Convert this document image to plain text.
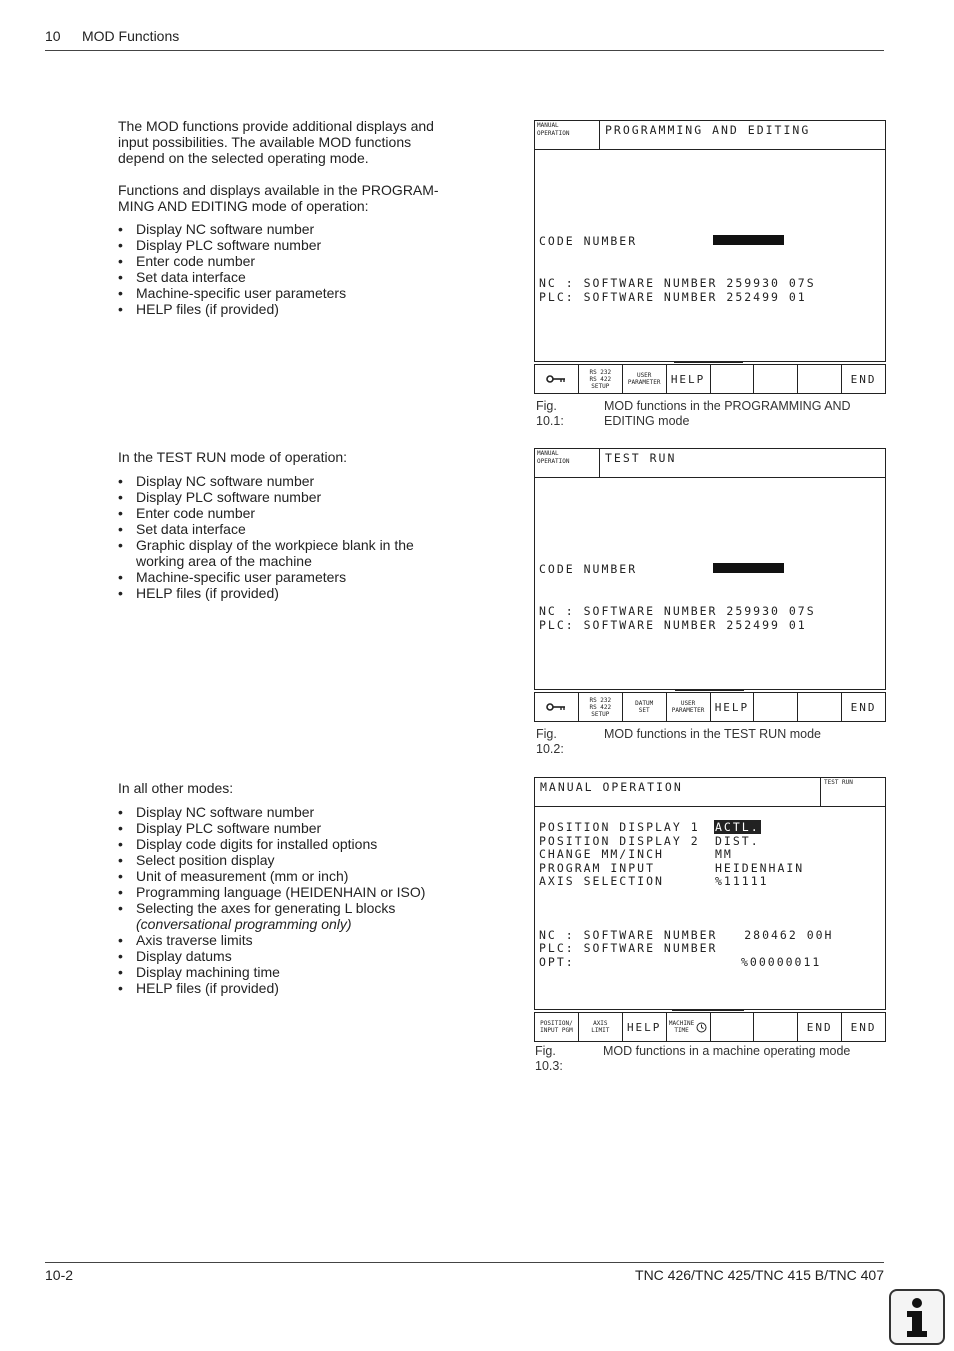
10 MOD Functions

The MOD functions provide additional displays and input possibilities. The available MOD functions depend on the selected operating mode.

Functions and displays available in the PROGRAM-MING AND EDITING mode of operation:

• Display NC software number
• Display PLC software number
• Enter code number
• Set data interface
• Machine-specific user parameters
• HELP files (if provided)

In the TEST RUN mode of operation:

• Display NC software number
• Display PLC software number
• Enter code number
• Set data interface
• Graphic display of the workpiece blank in the working area of the machine
• Machine-specific user parameters
• HELP files (if provided)

In all other modes:

• Display NC software number
• Display PLC software number
• Display code digits for installed options
• Select position display
• Unit of measurement (mm or inch)
• Programming language (HEIDENHAIN or ISO)
• Selecting the axes for generating L blocks
(conversational programming only)
• Axis traverse limits
• Display datums
• Display machining time
• HELP files (if provided)
MANUAL
OPERATION	PROGRAMMING AND EDITING
CODE NUMBER
NC : SOFTWARE NUMBER 259930 07S
PLC: SOFTWARE NUMBER 252499 01
RS 232
RS 422
SETUP
USER
PARAMETER HELP	END
Fig. 10.1:
MOD functions in the PROGRAMMING AND EDITING mode
MANUAL
OPERATION	TEST RUN
CODE NUMBER
NC : SOFTWARE NUMBER 259930 07S
PLC: SOFTWARE NUMBER 252499 01
RS 232
RS 422
SETUP
DATUM
SET
USER
PARAMETER HELP	END
Fig. 10.2:
MOD functions in the TEST RUN mode
MANUAL OPERATION	TEST RUN
POSITION DISPLAY 1 ACTL.
POSITION DISPLAY 2 DIST.
CHANGE MM/INCH	MM
PROGRAM INPUT	HEIDENHAIN
AXIS SELECTION	%11111
NC : SOFTWARE NUMBER   280462 00H
PLC: SOFTWARE NUMBER
OPT:	%00000011
POSITION/
INPUT PGM
AXIS
LIMIT	HELP	MACHINE
TIME	END	END
Fig. 10.3:
MOD functions in a machine operating mode
10-2	TNC 426/TNC 425/TNC 415 B/TNC 407
